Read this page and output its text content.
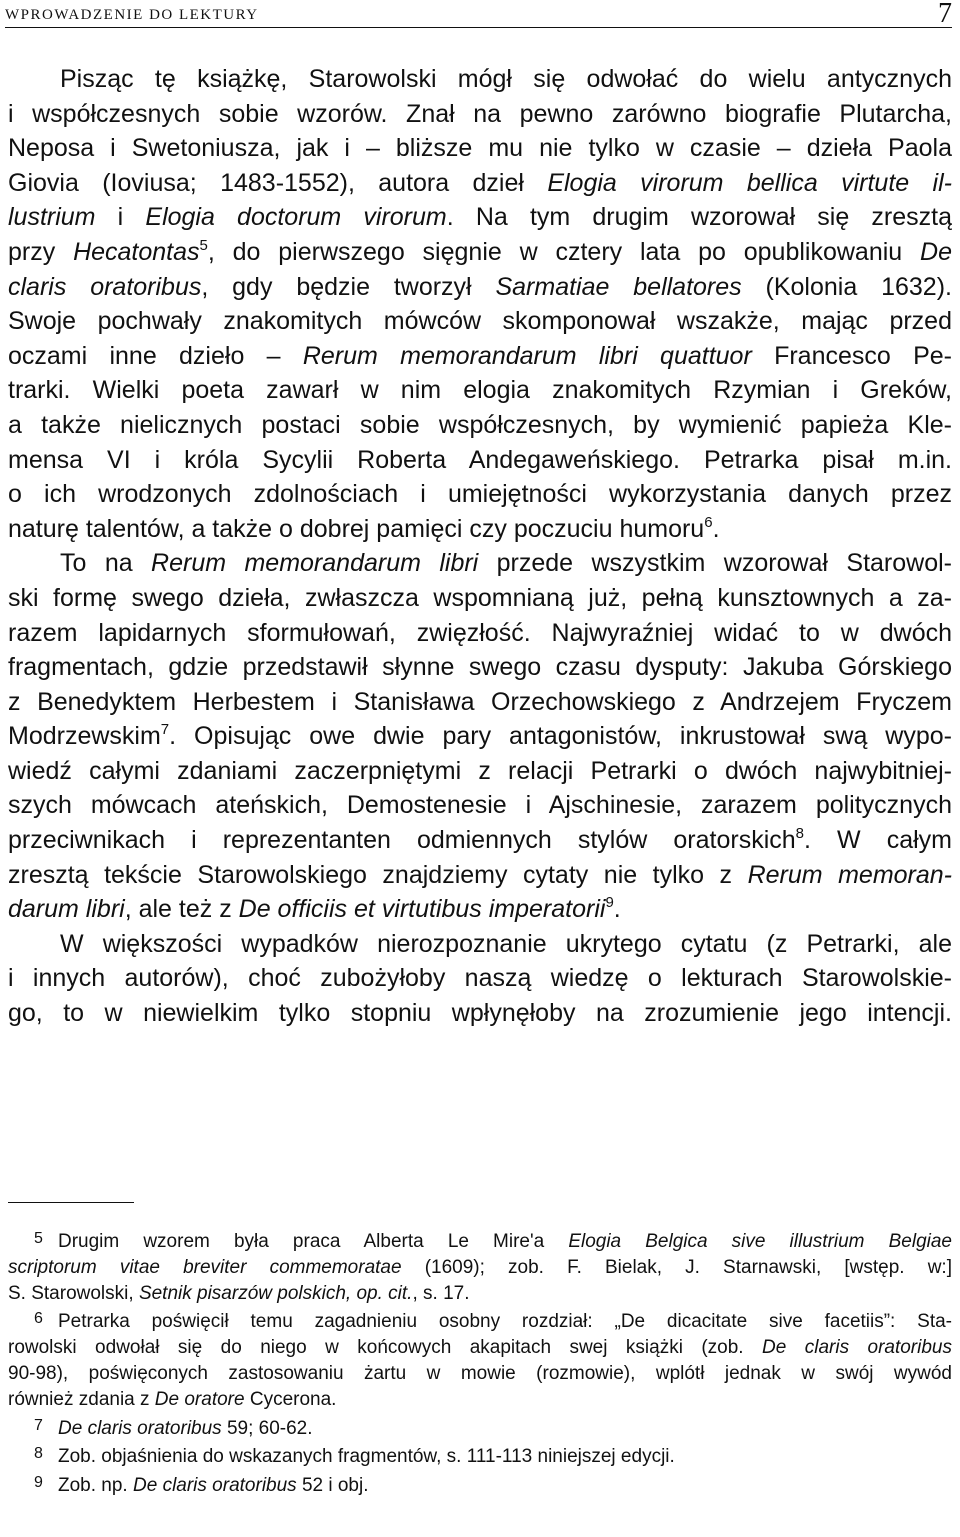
WPROWADZENIE DO LEKTURY	7
Pisząc tę książkę, Starowolski mógł się odwołać do wielu antycznych
i współczesnych sobie wzorów. Znał na pewno zarówno biografie Plutarcha,
Neposa i Swetoniusza, jak i – bliższe mu nie tylko w czasie – dzieła Paola
Giovia (Ioviusa; 1483-1552), autora dzieł Elogia virorum bellica virtute il-
lustrium i Elogia doctorum virorum. Na tym drugim wzorował się zresztą
przy Hecatontas$^5$, do pierwszego sięgnie w cztery lata po opublikowaniu De
claris oratoribus, gdy będzie tworzył Sarmatiae bellatores (Kolonia 1632).
Swoje pochwały znakomitych mówców skomponował wszakże, mając przed
oczami inne dzieło – Rerum memorandarum libri quattuor Francesco Pe-
trarki. Wielki poeta zawarł w nim elogia znakomitych Rzymian i Greków,
a także nielicznych postaci sobie współczesnych, by wymienić papieża Kle-
mensa VI i króla Sycylii Roberta Andegaweńskiego. Petrarka pisał m.in.
o ich wrodzonych zdolnościach i umiejętności wykorzystania danych przez
naturę talentów, a także o dobrej pamięci czy poczuciu humoru$^6$.
To na Rerum memorandarum libri przede wszystkim wzorował Starowol-
ski formę swego dzieła, zwłaszcza wspomnianą już, pełną kunsztownych a za-
razem lapidarnych sformułowań, zwięzłość. Najwyraźniej widać to w dwóch
fragmentach, gdzie przedstawił słynne swego czasu dysputy: Jakuba Górskiego
z Benedyktem Herbestem i Stanisława Orzechowskiego z Andrzejem Fryczem
Modrzewskim$^7$. Opisując owe dwie pary antagonistów, inkrustował swą wypo-
wiedź całymi zdaniami zaczerpniętymi z relacji Petrarki o dwóch najwybitniej-
szych mówcach ateńskich, Demostenesie i Ajschinesie, zarazem politycznych
przeciwnikach i reprezentanten odmiennych stylów oratorskich$^8$. W całym
zresztą tekście Starowolskiego znajdziemy cytaty nie tylko z Rerum memoran-
darum libri, ale też z De officiis et virtutibus imperatorii$^9$.
W większości wypadków nierozpoznanie ukrytego cytatu (z Petrarki, ale
i innych autorów), choć zubożyłoby naszą wiedzę o lekturach Starowolskie-
go, to w niewielkim tylko stopniu wpłynęłoby na zrozumienie jego intencji.
5 Drugim wzorem była praca Alberta Le Mire'a Elogia Belgica sive illustrium Belgiae
scriptorum vitae breviter commemoratae (1609); zob. F. Bielak, J. Starnawski, [wstęp. w:]
S. Starowolski, Setnik pisarzów polskich, op. cit., s. 17.
6 Petrarka poświęcił temu zagadnieniu osobny rozdział: „De dicacitate sive facetiis”: Sta-
rowolski odwołał się do niego w końcowych akapitach swej książki (zob. De claris oratoribus
90-98), poświęconych zastosowaniu żartu w mowie (rozmowie), wplótł jednak w swój wywód
również zdania z De oratore Cycerona.
7 De claris oratoribus 59; 60-62.
8 Zob. objaśnienia do wskazanych fragmentów, s. 111-113 niniejszej edycji.
9 Zob. np. De claris oratoribus 52 i obj.
